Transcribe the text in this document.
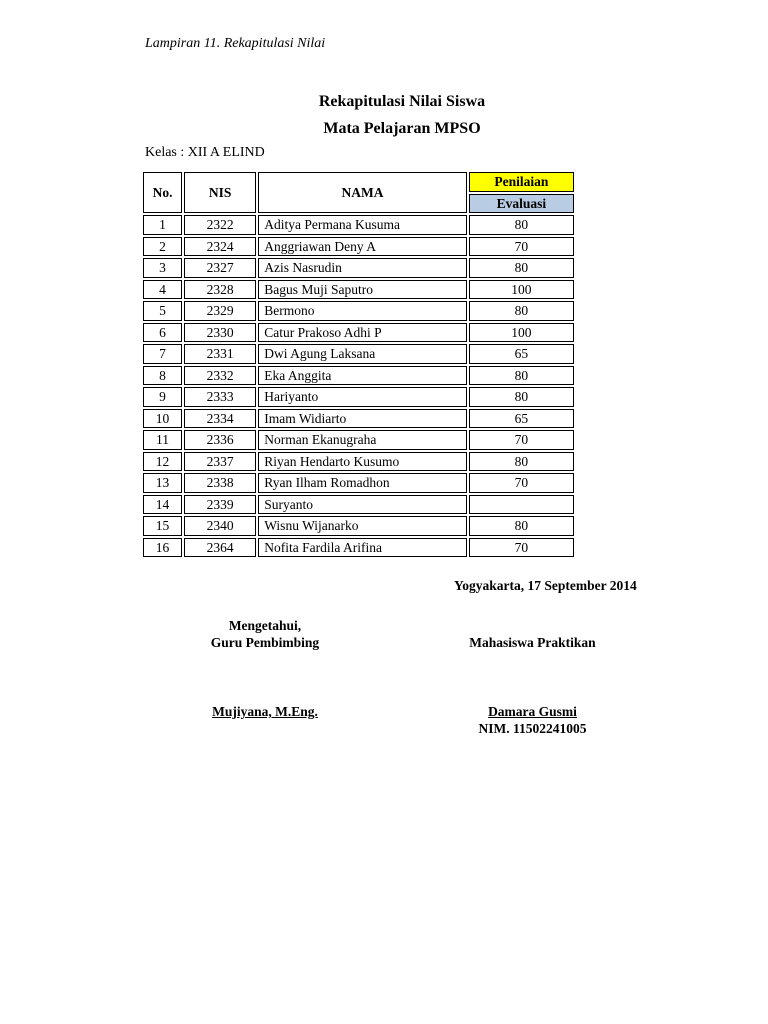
Lampiran 11. Rekapitulasi Nilai
Rekapitulasi Nilai Siswa
Mata Pelajaran MPSO
Kelas : XII A ELIND
No.	NIS	NAMA	Penilaian
			Evaluasi
1	2322	Aditya Permana Kusuma	80
2	2324	Anggriawan Deny A	70
3	2327	Azis Nasrudin	80
4	2328	Bagus Muji Saputro	100
5	2329	Bermono	80
6	2330	Catur Prakoso Adhi P	100
7	2331	Dwi Agung Laksana	65
8	2332	Eka Anggita	80
9	2333	Hariyanto	80
10	2334	Imam Widiarto	65
11	2336	Norman Ekanugraha	70
12	2337	Riyan Hendarto Kusumo	80
13	2338	Ryan Ilham Romadhon	70
14	2339	Suryanto	
15	2340	Wisnu Wijanarko	80
16	2364	Nofita Fardila Arifina	70
Yogyakarta, 17 September 2014
Mengetahui,
Guru Pembimbing	Mahasiswa Praktikan
Mujiyana, M.Eng.	Damara Gusmi
NIM. 11502241005
